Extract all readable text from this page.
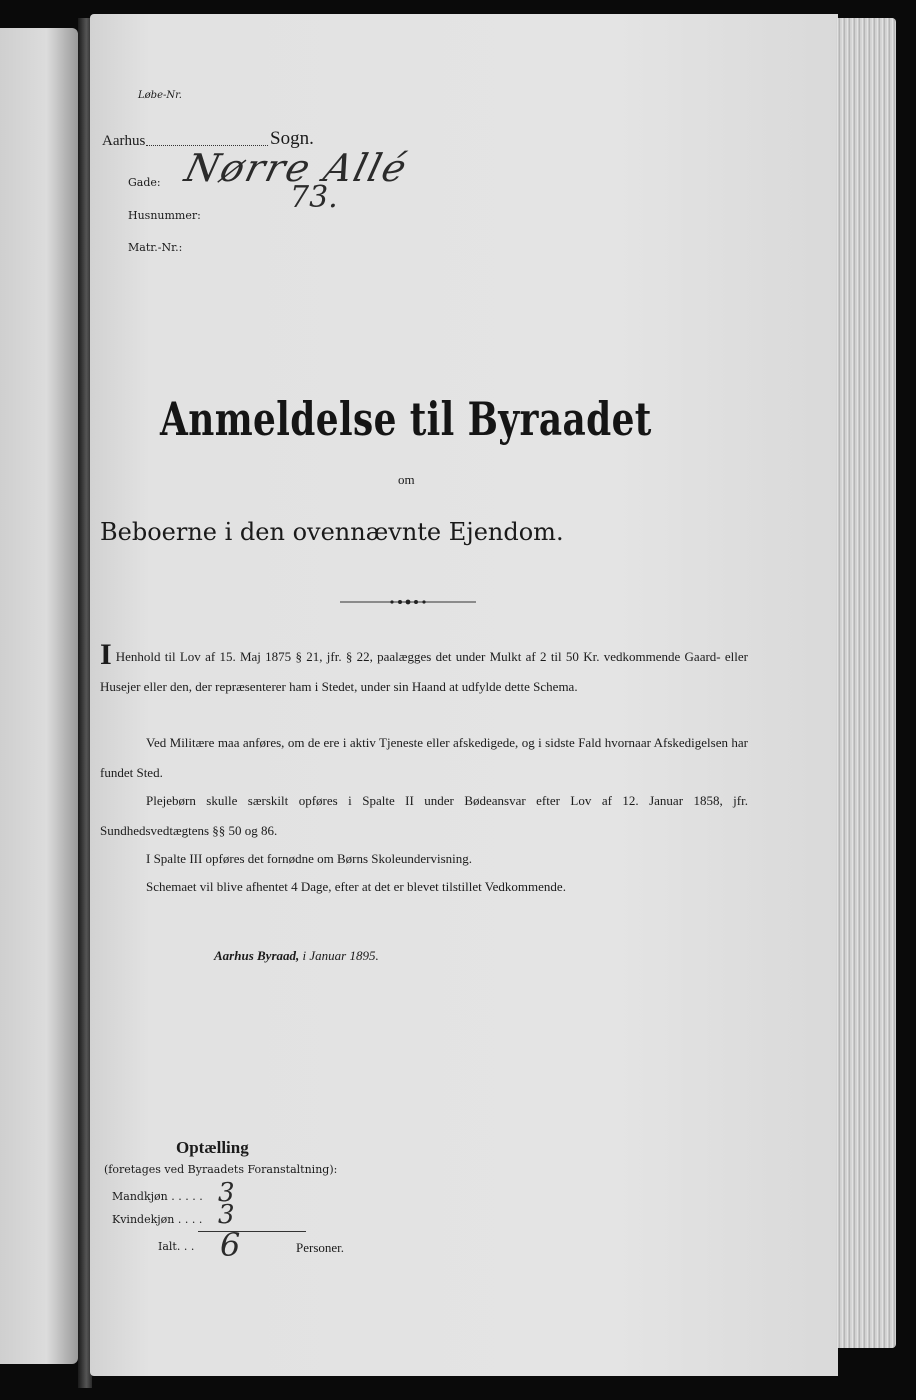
Løbe-Nr.
Aarhus	Sogn.
Gade: Nørre Allé
Husnummer:
73.
Matr.-Nr.:
Anmeldelse til Byraadet
om
Beboerne i den ovennævnte Ejendom.
I Henhold til Lov af 15. Maj 1875 § 21, jfr. § 22, paalægges det under Mulkt af 2 til 50 Kr. vedkommende Gaard- eller Husejer eller den, der repræsenterer ham i Stedet, under sin Haand at udfylde dette Schema.
Ved Militære maa anføres, om de ere i aktiv Tjeneste eller afskedigede, og i sidste Fald hvornaar Afskedigelsen har fundet Sted.
Plejebørn skulle særskilt opføres i Spalte II under Bødeansvar efter Lov af 12. Januar 1858, jfr. Sundhedsvedtægtens §§ 50 og 86.
I Spalte III opføres det fornødne om Børns Skoleundervisning.
Schemaet vil blive afhentet 4 Dage, efter at det er blevet tilstillet Vedkommende.
Aarhus Byraad, i Januar 1895.
Optælling
(foretages ved Byraadets Foranstaltning):
Mandkjøn . . . . . 3
Kvindekjøn . . . . 3
Ialt. . . 6	Personer.
